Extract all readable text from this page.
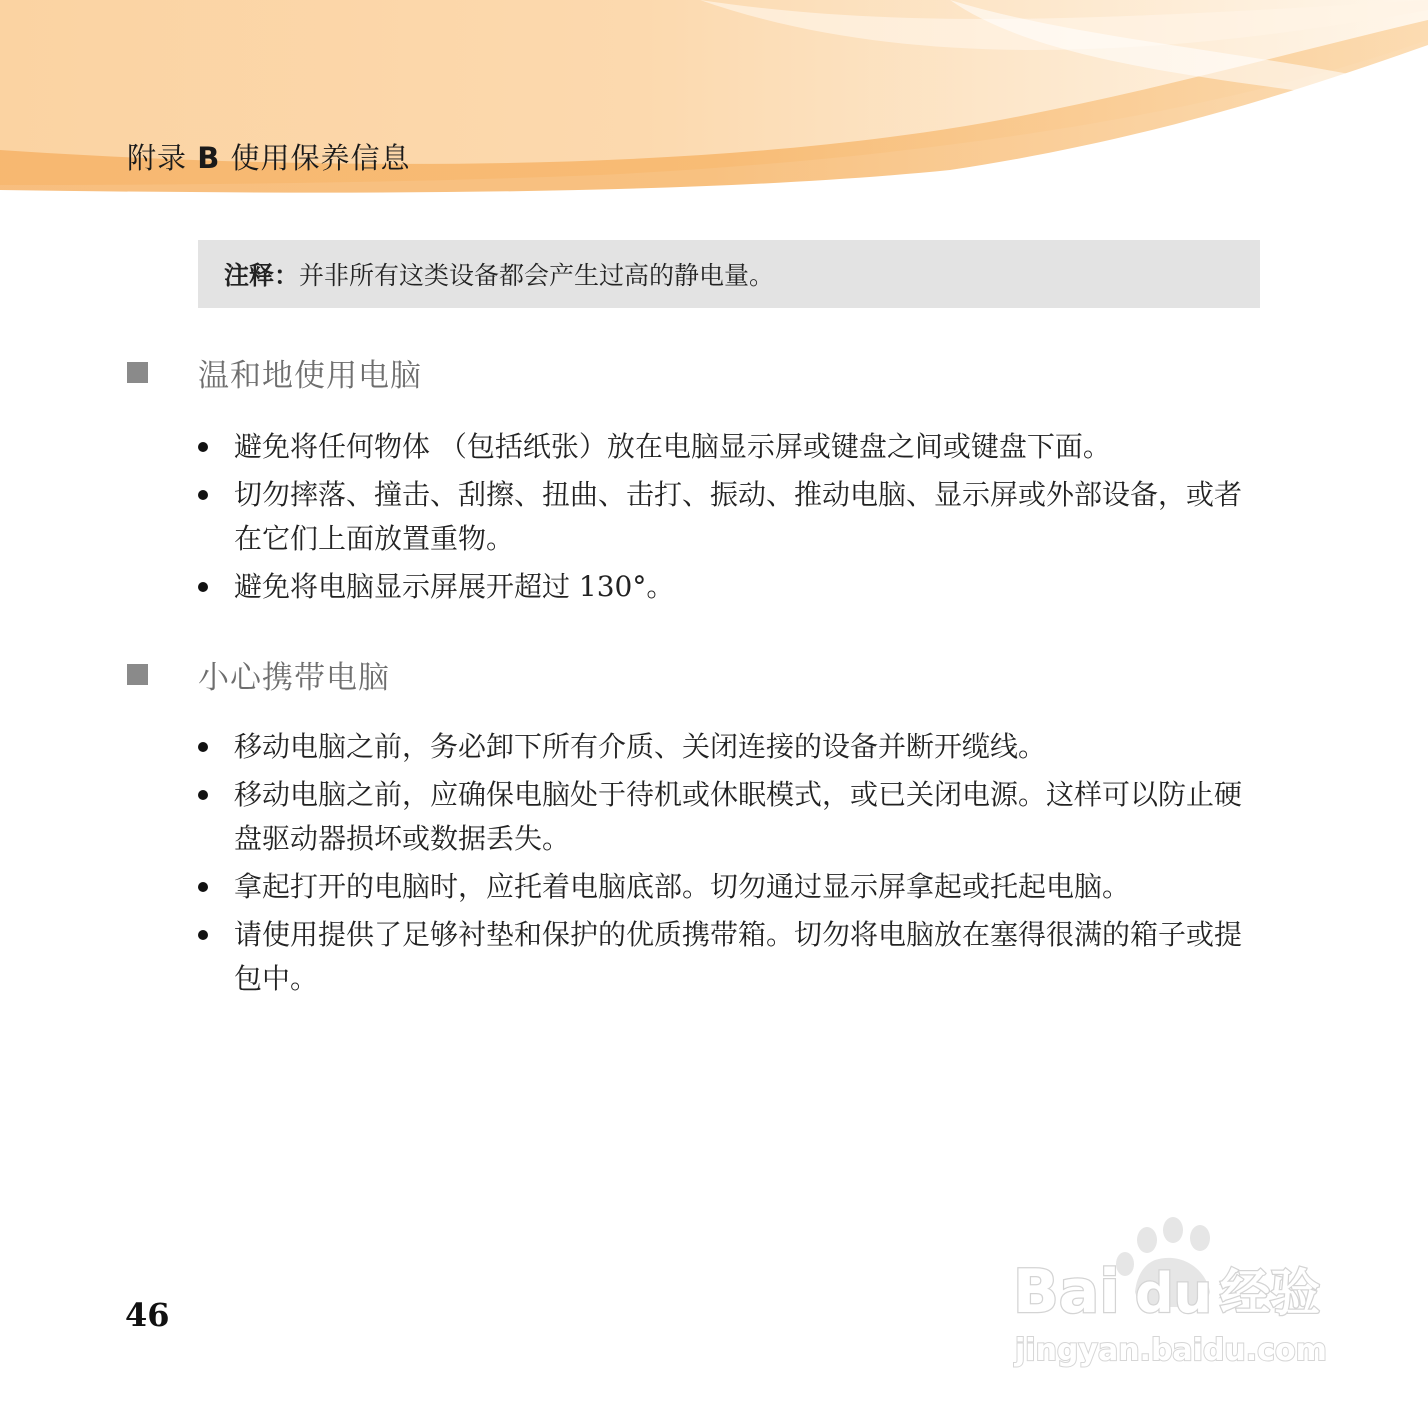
附录 B 使用保养信息
注释： 并非所有这类设备都会产生过高的静电量。
温和地使用电脑
避免将任何物体 （包括纸张）放在电脑显示屏或键盘之间或键盘下面。
切勿摔落、撞击、刮擦、扭曲、击打、振动、推动电脑、显示屏或外部设备，或者在它们上面放置重物。
避免将电脑显示屏展开超过 130°。
小心携带电脑
移动电脑之前，务必卸下所有介质、关闭连接的设备并断开缆线。
移动电脑之前，应确保电脑处于待机或休眠模式，或已关闭电源。这样可以防止硬盘驱动器损坏或数据丢失。
拿起打开的电脑时，应托着电脑底部。切勿通过显示屏拿起或托起电脑。
请使用提供了足够衬垫和保护的优质携带箱。切勿将电脑放在塞得很满的箱子或提包中。
46	Bai du 经验
jingyan.baidu.com
